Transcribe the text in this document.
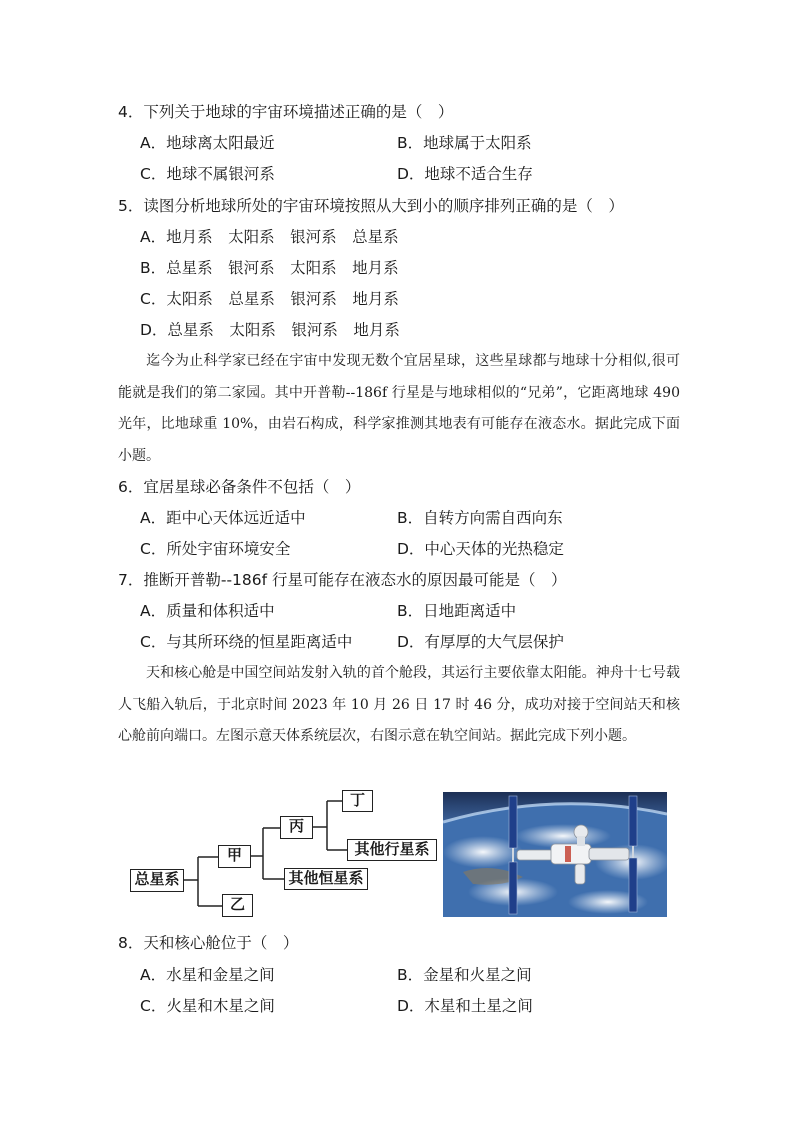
4．下列关于地球的宇宙环境描述正确的是（　）
A．地球离太阳最近	B．地球属于太阳系
C．地球不属银河系	D．地球不适合生存
5．读图分析地球所处的宇宙环境按照从大到小的顺序排列正确的是（　）
A．地月系　太阳系　银河系　总星系
B．总星系　银河系　太阳系　地月系
C．太阳系　总星系　银河系　地月系
D．总星系　太阳系　银河系　地月系
迄今为止科学家已经在宇宙中发现无数个宜居星球，这些星球都与地球十分相似,很可能就是我们的第二家园。其中开普勒--186f 行星是与地球相似的“兄弟”，它距离地球 490 光年，比地球重 10%，由岩石构成，科学家推测其地表有可能存在液态水。据此完成下面小题。
6．宜居星球必备条件不包括（　）
A．距中心天体远近适中	B．自转方向需自西向东
C．所处宇宙环境安全	D．中心天体的光热稳定
7．推断开普勒--186f 行星可能存在液态水的原因最可能是（　）
A．质量和体积适中	B．日地距离适中
C．与其所环绕的恒星距离适中	D．有厚厚的大气层保护
天和核心舱是中国空间站发射入轨的首个舱段，其运行主要依靠太阳能。神舟十七号载人飞船入轨后，于北京时间 2023 年 10 月 26 日 17 时 46 分，成功对接于空间站天和核心舱前向端口。左图示意天体系统层次，右图示意在轨空间站。据此完成下列小题。
总星系
甲
乙
丙
其他恒星系
丁
其他行星系
8．天和核心舱位于（　）
A．水星和金星之间	B．金星和火星之间
C．火星和木星之间	D．木星和土星之间
